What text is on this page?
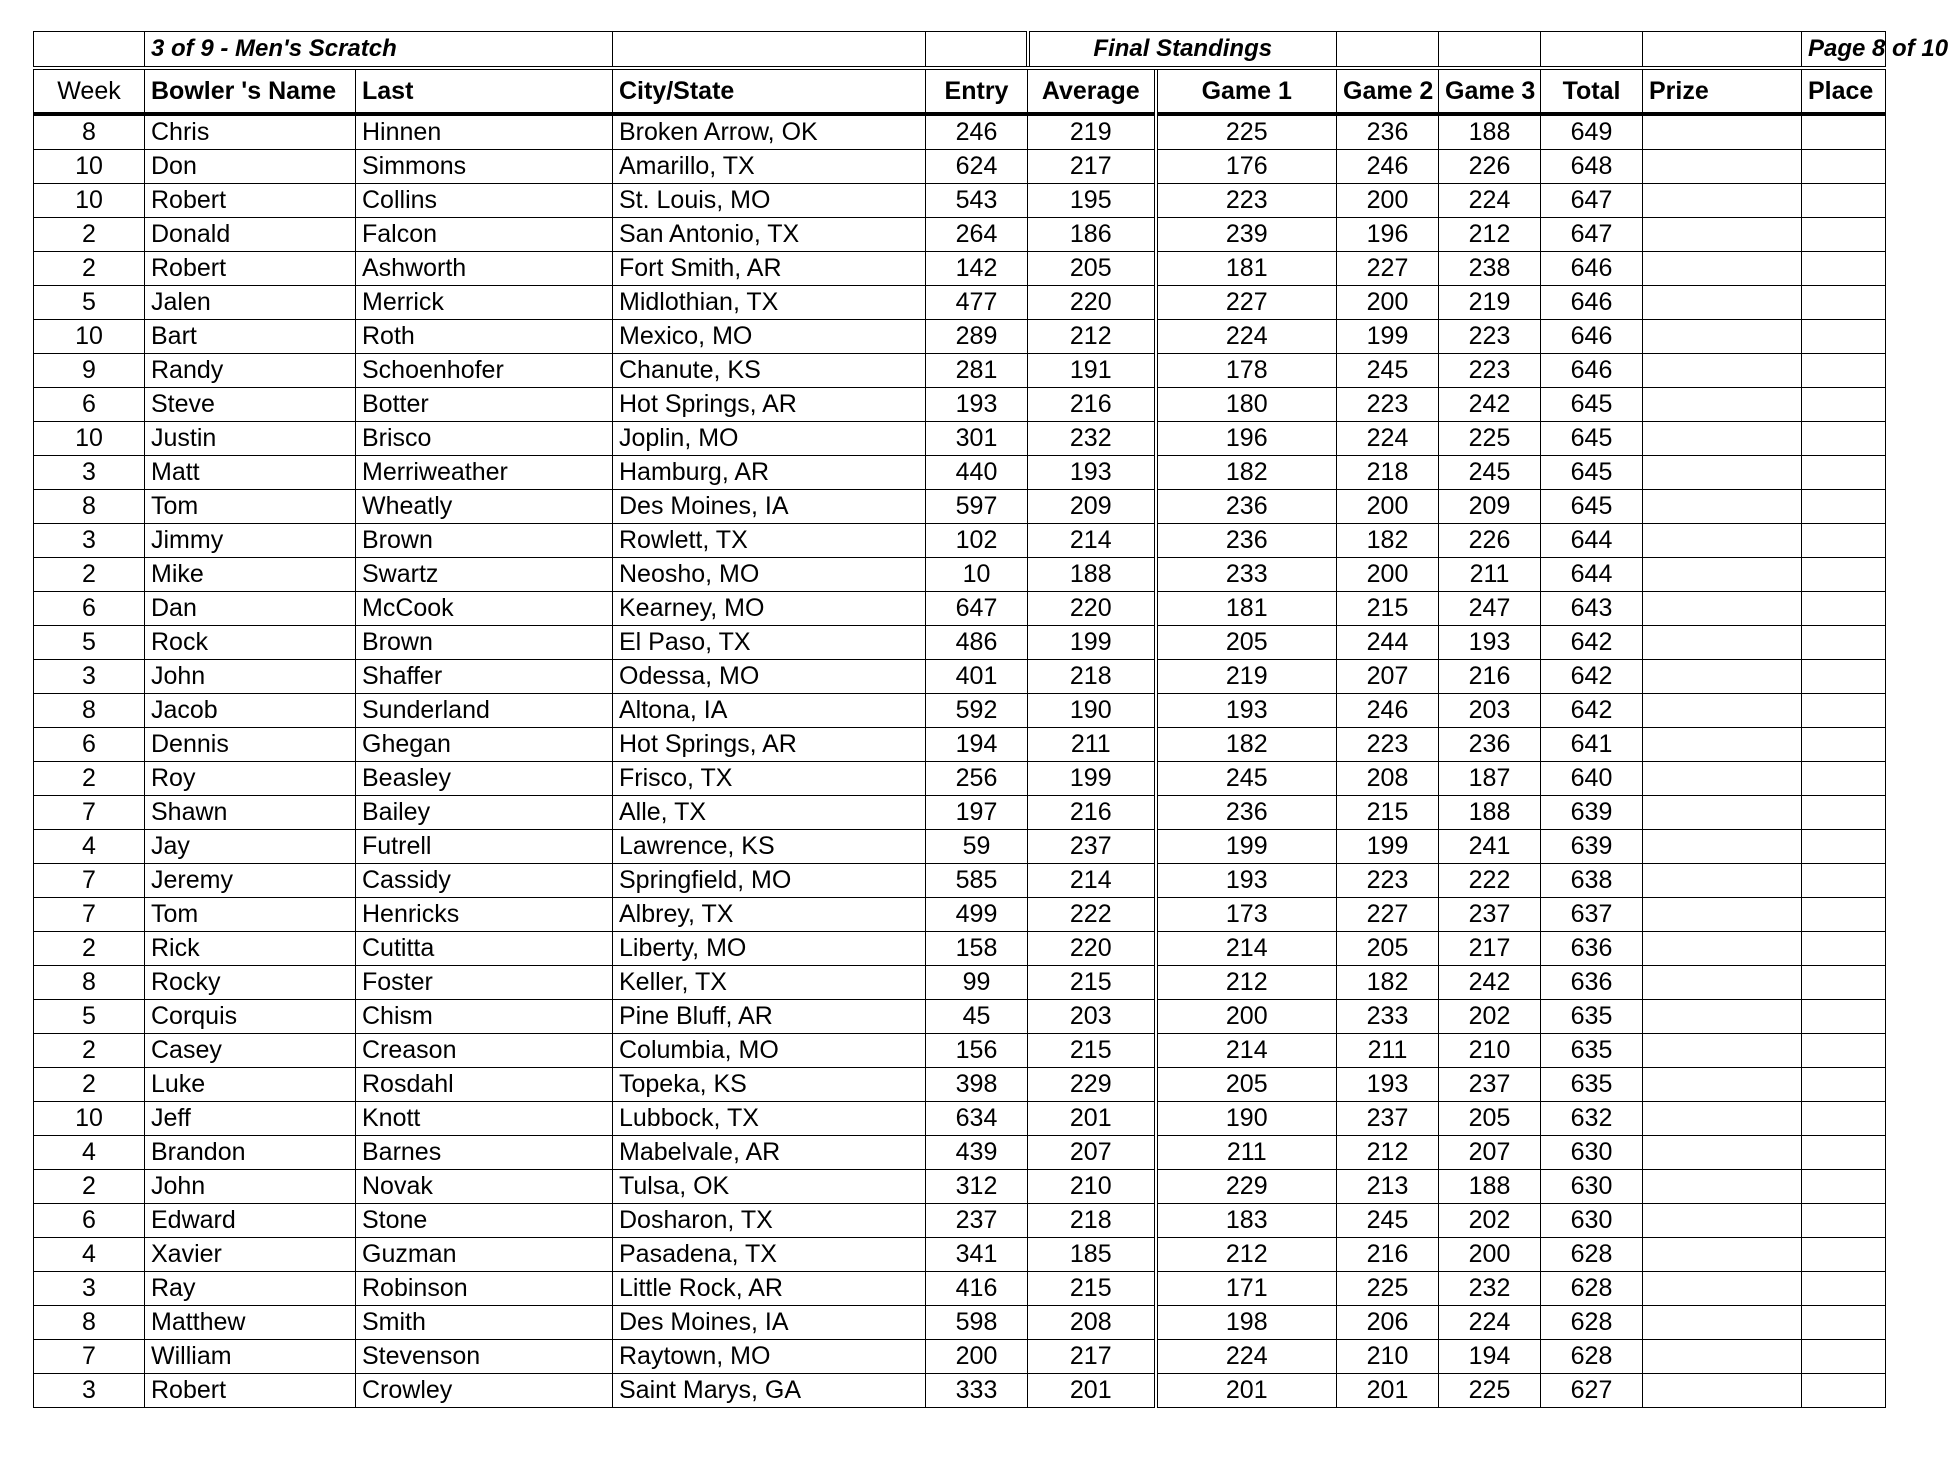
	3 of 9 - Men's Scratch				Final Standings						Page 8 of 10
Week	Bowler 's Name	Last	City/State	Entry	Average	Game 1	Game 2	Game 3	Total	Prize	Place
8	Chris	Hinnen	Broken Arrow, OK	246	219	225	236	188	649		
10	Don	Simmons	Amarillo, TX	624	217	176	246	226	648		
10	Robert	Collins	St. Louis, MO	543	195	223	200	224	647		
2	Donald	Falcon	San Antonio, TX	264	186	239	196	212	647		
2	Robert	Ashworth	Fort Smith, AR	142	205	181	227	238	646		
5	Jalen	Merrick	Midlothian, TX	477	220	227	200	219	646		
10	Bart	Roth	Mexico, MO	289	212	224	199	223	646		
9	Randy	Schoenhofer	Chanute, KS	281	191	178	245	223	646		
6	Steve	Botter	Hot Springs, AR	193	216	180	223	242	645		
10	Justin	Brisco	Joplin, MO	301	232	196	224	225	645		
3	Matt	Merriweather	Hamburg, AR	440	193	182	218	245	645		
8	Tom	Wheatly	Des Moines, IA	597	209	236	200	209	645		
3	Jimmy	Brown	Rowlett, TX	102	214	236	182	226	644		
2	Mike	Swartz	Neosho, MO	10	188	233	200	211	644		
6	Dan	McCook	Kearney, MO	647	220	181	215	247	643		
5	Rock	Brown	El Paso, TX	486	199	205	244	193	642		
3	John	Shaffer	Odessa, MO	401	218	219	207	216	642		
8	Jacob	Sunderland	Altona, IA	592	190	193	246	203	642		
6	Dennis	Ghegan	Hot Springs, AR	194	211	182	223	236	641		
2	Roy	Beasley	Frisco, TX	256	199	245	208	187	640		
7	Shawn	Bailey	Alle, TX	197	216	236	215	188	639		
4	Jay	Futrell	Lawrence, KS	59	237	199	199	241	639		
7	Jeremy	Cassidy	Springfield, MO	585	214	193	223	222	638		
7	Tom	Henricks	Albrey, TX	499	222	173	227	237	637		
2	Rick	Cutitta	Liberty, MO	158	220	214	205	217	636		
8	Rocky	Foster	Keller, TX	99	215	212	182	242	636		
5	Corquis	Chism	Pine Bluff, AR	45	203	200	233	202	635		
2	Casey	Creason	Columbia, MO	156	215	214	211	210	635		
2	Luke	Rosdahl	Topeka, KS	398	229	205	193	237	635		
10	Jeff	Knott	Lubbock, TX	634	201	190	237	205	632		
4	Brandon	Barnes	Mabelvale, AR	439	207	211	212	207	630		
2	John	Novak	Tulsa, OK	312	210	229	213	188	630		
6	Edward	Stone	Dosharon, TX	237	218	183	245	202	630		
4	Xavier	Guzman	Pasadena, TX	341	185	212	216	200	628		
3	Ray	Robinson	Little Rock, AR	416	215	171	225	232	628		
8	Matthew	Smith	Des Moines, IA	598	208	198	206	224	628		
7	William	Stevenson	Raytown, MO	200	217	224	210	194	628		
3	Robert	Crowley	Saint Marys, GA	333	201	201	201	225	627		
